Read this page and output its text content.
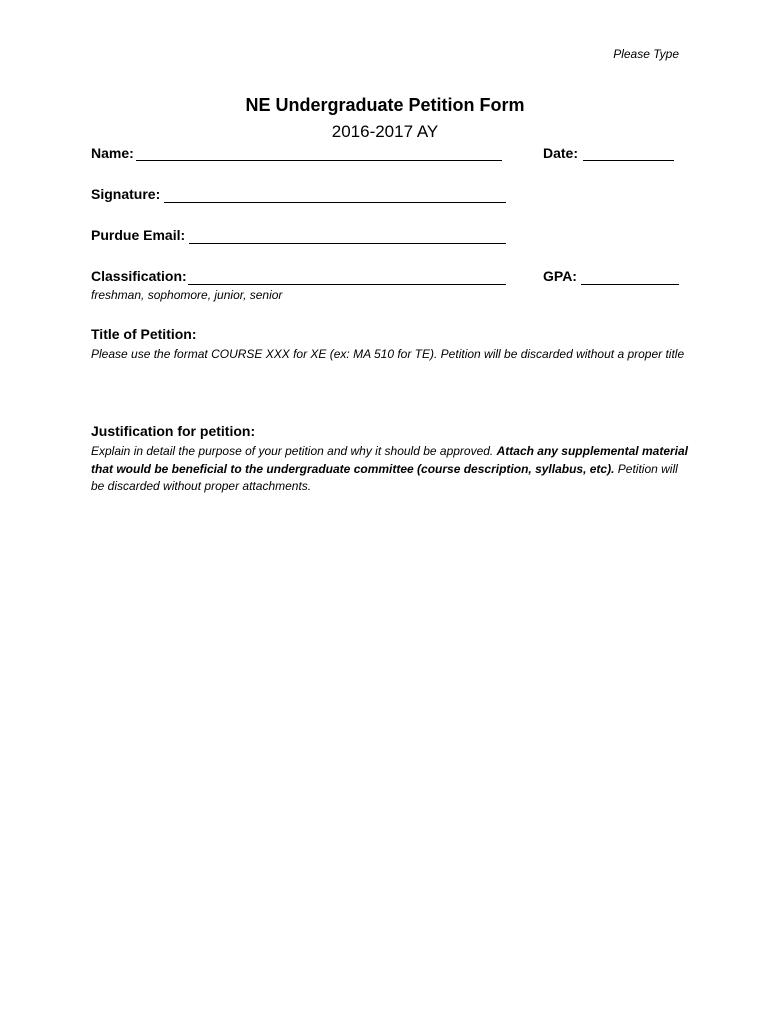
Please Type
NE Undergraduate Petition Form
2016-2017 AY
Name:	Date:
Signature:
Purdue Email:
Classification:	GPA:
freshman, sophomore, junior, senior
Title of Petition:
Please use the format COURSE XXX for XE (ex: MA 510 for TE). Petition will be discarded without a proper title
Justification for petition:
Explain in detail the purpose of your petition and why it should be approved. Attach any supplemental material that would be beneficial to the undergraduate committee (course description, syllabus, etc). Petition will be discarded without proper attachments.
